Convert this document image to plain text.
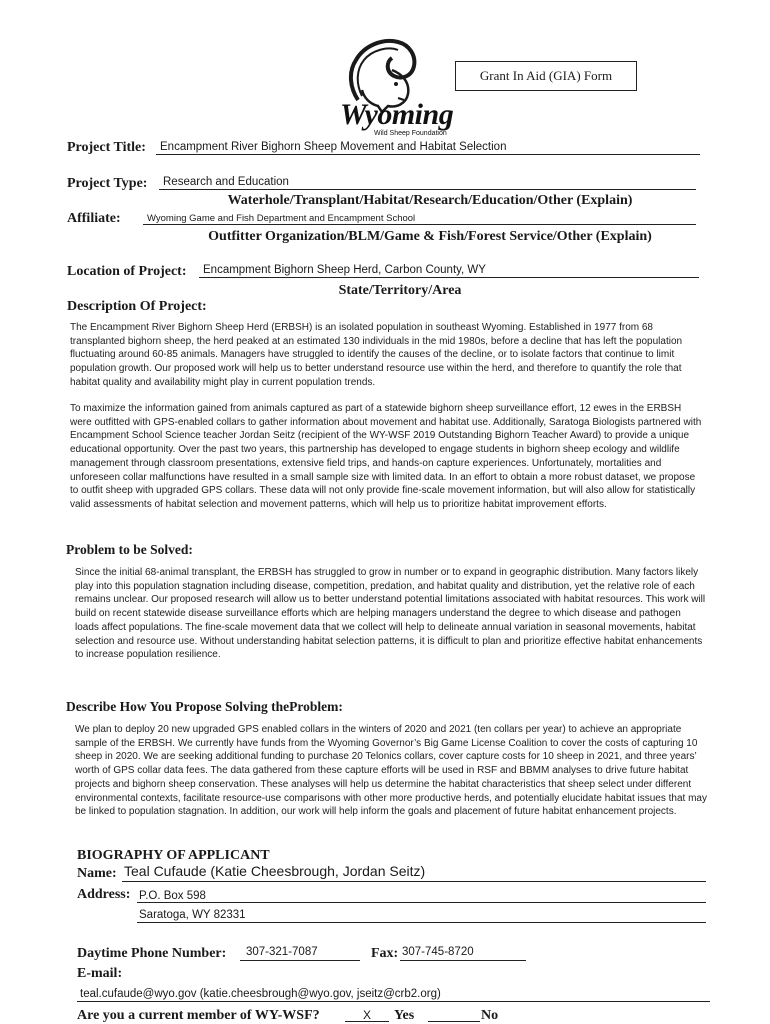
Wyoming
Wild Sheep Foundation
Grant In Aid (GIA) Form
Project Title:	Encampment River Bighorn Sheep Movement and Habitat Selection
Project Type:	Research and Education
Waterhole/Transplant/Habitat/Research/Education/Other (Explain)
Affiliate:	Wyoming Game and Fish Department and Encampment School
Outfitter Organization/BLM/Game & Fish/Forest Service/Other (Explain)
Location of Project:	Encampment Bighorn Sheep Herd, Carbon County, WY
State/Territory/Area
Description Of Project:

The Encampment River Bighorn Sheep Herd (ERBSH) is an isolated population in southeast Wyoming. Established in 1977 from 68 transplanted bighorn sheep, the herd peaked at an estimated 130 individuals in the mid 1980s, before a decline that has left the population fluctuating around 60-85 animals. Managers have struggled to identify the causes of the decline, or to isolate factors that continue to limit population growth. Our proposed work will help us to better understand resource use within the herd, and therefore to quantify the role that habitat quality and availability might play in current population trends.

To maximize the information gained from animals captured as part of a statewide bighorn sheep surveillance effort, 12 ewes in the ERBSH were outfitted with GPS-enabled collars to gather information about movement and habitat use. Additionally, Saratoga Biologists partnered with Encampment School Science teacher Jordan Seitz (recipient of the WY-WSF 2019 Outstanding Bighorn Teacher Award) to provide a unique educational opportunity. Over the past two years, this partnership has developed to engage students in bighorn sheep ecology and wildlife management through classroom presentations, extensive field trips, and hands-on capture experiences. Unfortunately, mortalities and unforeseen collar malfunctions have resulted in a small sample size with limited data. In an effort to obtain a more robust dataset, we propose to outfit sheep with upgraded GPS collars. These data will not only provide fine-scale movement information, but will also allow for statistically valid assessments of habitat selection and movement patterns, which will help us to prioritize habitat improvement efforts.

Problem to be Solved:

Since the initial 68-animal transplant, the ERBSH has struggled to grow in number or to expand in geographic distribution. Many factors likely play into this population stagnation including disease, competition, predation, and habitat quality and distribution, yet the relative role of each remains unclear. Our proposed research will allow us to better understand potential limitations associated with habitat resources. This work will build on recent statewide disease surveillance efforts which are helping managers understand the degree to which disease and pathogen loads affect populations. The fine-scale movement data that we collect will help to delineate annual variation in seasonal movements, habitat selection and resource use. Without understanding habitat selection patterns, it is difficult to plan and prioritize effective habitat enhancements to increase population resilience.

Describe How You Propose Solving theProblem:

We plan to deploy 20 new upgraded GPS enabled collars in the winters of 2020 and 2021 (ten collars per year) to achieve an appropriate sample of the ERBSH. We currently have funds from the Wyoming Governor’s Big Game License Coalition to cover the costs of capturing 10 sheep in 2020. We are seeking additional funding to purchase 20 Telonics collars, cover capture costs for 10 sheep in 2021, and three years’ worth of GPS collar data fees. The data gathered from these capture efforts will be used in RSF and BBMM analyses to drive future habitat projects and bighorn sheep conservation. These analyses will help us determine the habitat characteristics that sheep select under different environmental contexts, facilitate resource-use comparisons with other more productive herds, and potentially elucidate habitat issues that may be linked to population stagnation. In addition, our work will help inform the goals and placement of future habitat enhancement projects.

BIOGRAPHY OF APPLICANT
Name: Teal Cufaude (Katie Cheesbrough, Jordan Seitz)
Address: P.O. Box 598
Saratoga, WY 82331
Daytime Phone Number:	307-321-7087	Fax: 307-745-8720
E-mail:
teal.cufaude@wyo.gov (katie.cheesbrough@wyo.gov, jseitz@crb2.org)
Are you a current member of WY-WSF?	X	Yes	No
